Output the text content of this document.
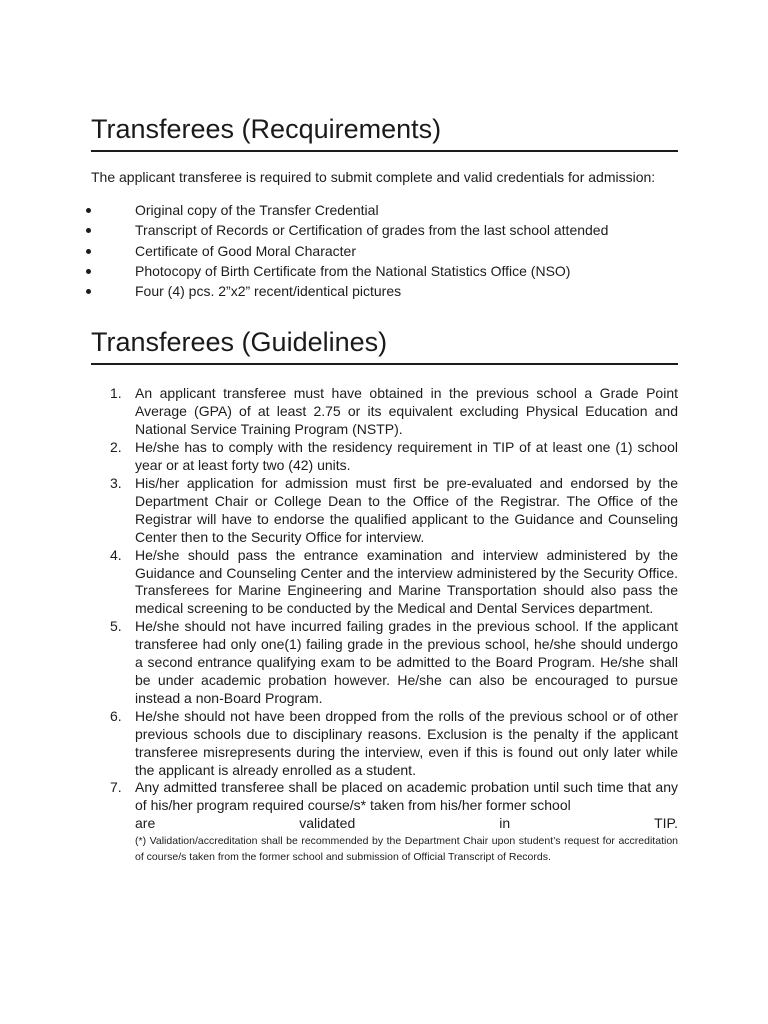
Transferees (Recquirements)

The applicant transferee is required to submit complete and valid credentials for admission:

Original copy of the Transfer Credential
Transcript of Records or Certification of grades from the last school attended
Certificate of Good Moral Character
Photocopy of Birth Certificate from the National Statistics Office (NSO)
Four (4) pcs. 2”x2” recent/identical pictures
Transferees (Guidelines)
1. An applicant transferee must have obtained in the previous school a Grade Point Average (GPA) of at least 2.75 or its equivalent excluding Physical Education and National Service Training Program (NSTP).
2. He/she has to comply with the residency requirement in TIP of at least one (1) school year or at least forty two (42) units.
3. His/her application for admission must first be pre-evaluated and endorsed by the Department Chair or College Dean to the Office of the Registrar. The Office of the Registrar will have to endorse the qualified applicant to the Guidance and Counseling Center then to the Security Office for interview.
4. He/she should pass the entrance examination and interview administered by the Guidance and Counseling Center and the interview administered by the Security Office. Transferees for Marine Engineering and Marine Transportation should also pass the medical screening to be conducted by the Medical and Dental Services department.
5. He/she should not have incurred failing grades in the previous school. If the applicant transferee had only one(1) failing grade in the previous school, he/she should undergo a second entrance qualifying exam to be admitted to the Board Program. He/she shall be under academic probation however. He/she can also be encouraged to pursue instead a non-Board Program.
6. He/she should not have been dropped from the rolls of the previous school or of other previous schools due to disciplinary reasons. Exclusion is the penalty if the applicant transferee misrepresents during the interview, even if this is found out only later while the applicant is already enrolled as a student.
7. Any admitted transferee shall be placed on academic probation until such time that any of his/her program required course/s* taken from his/her former school
are	validated	in	TIP.
(*) Validation/accreditation shall be recommended by the Department Chair upon student’s request for accreditation of course/s taken from the former school and submission of Official Transcript of Records.
